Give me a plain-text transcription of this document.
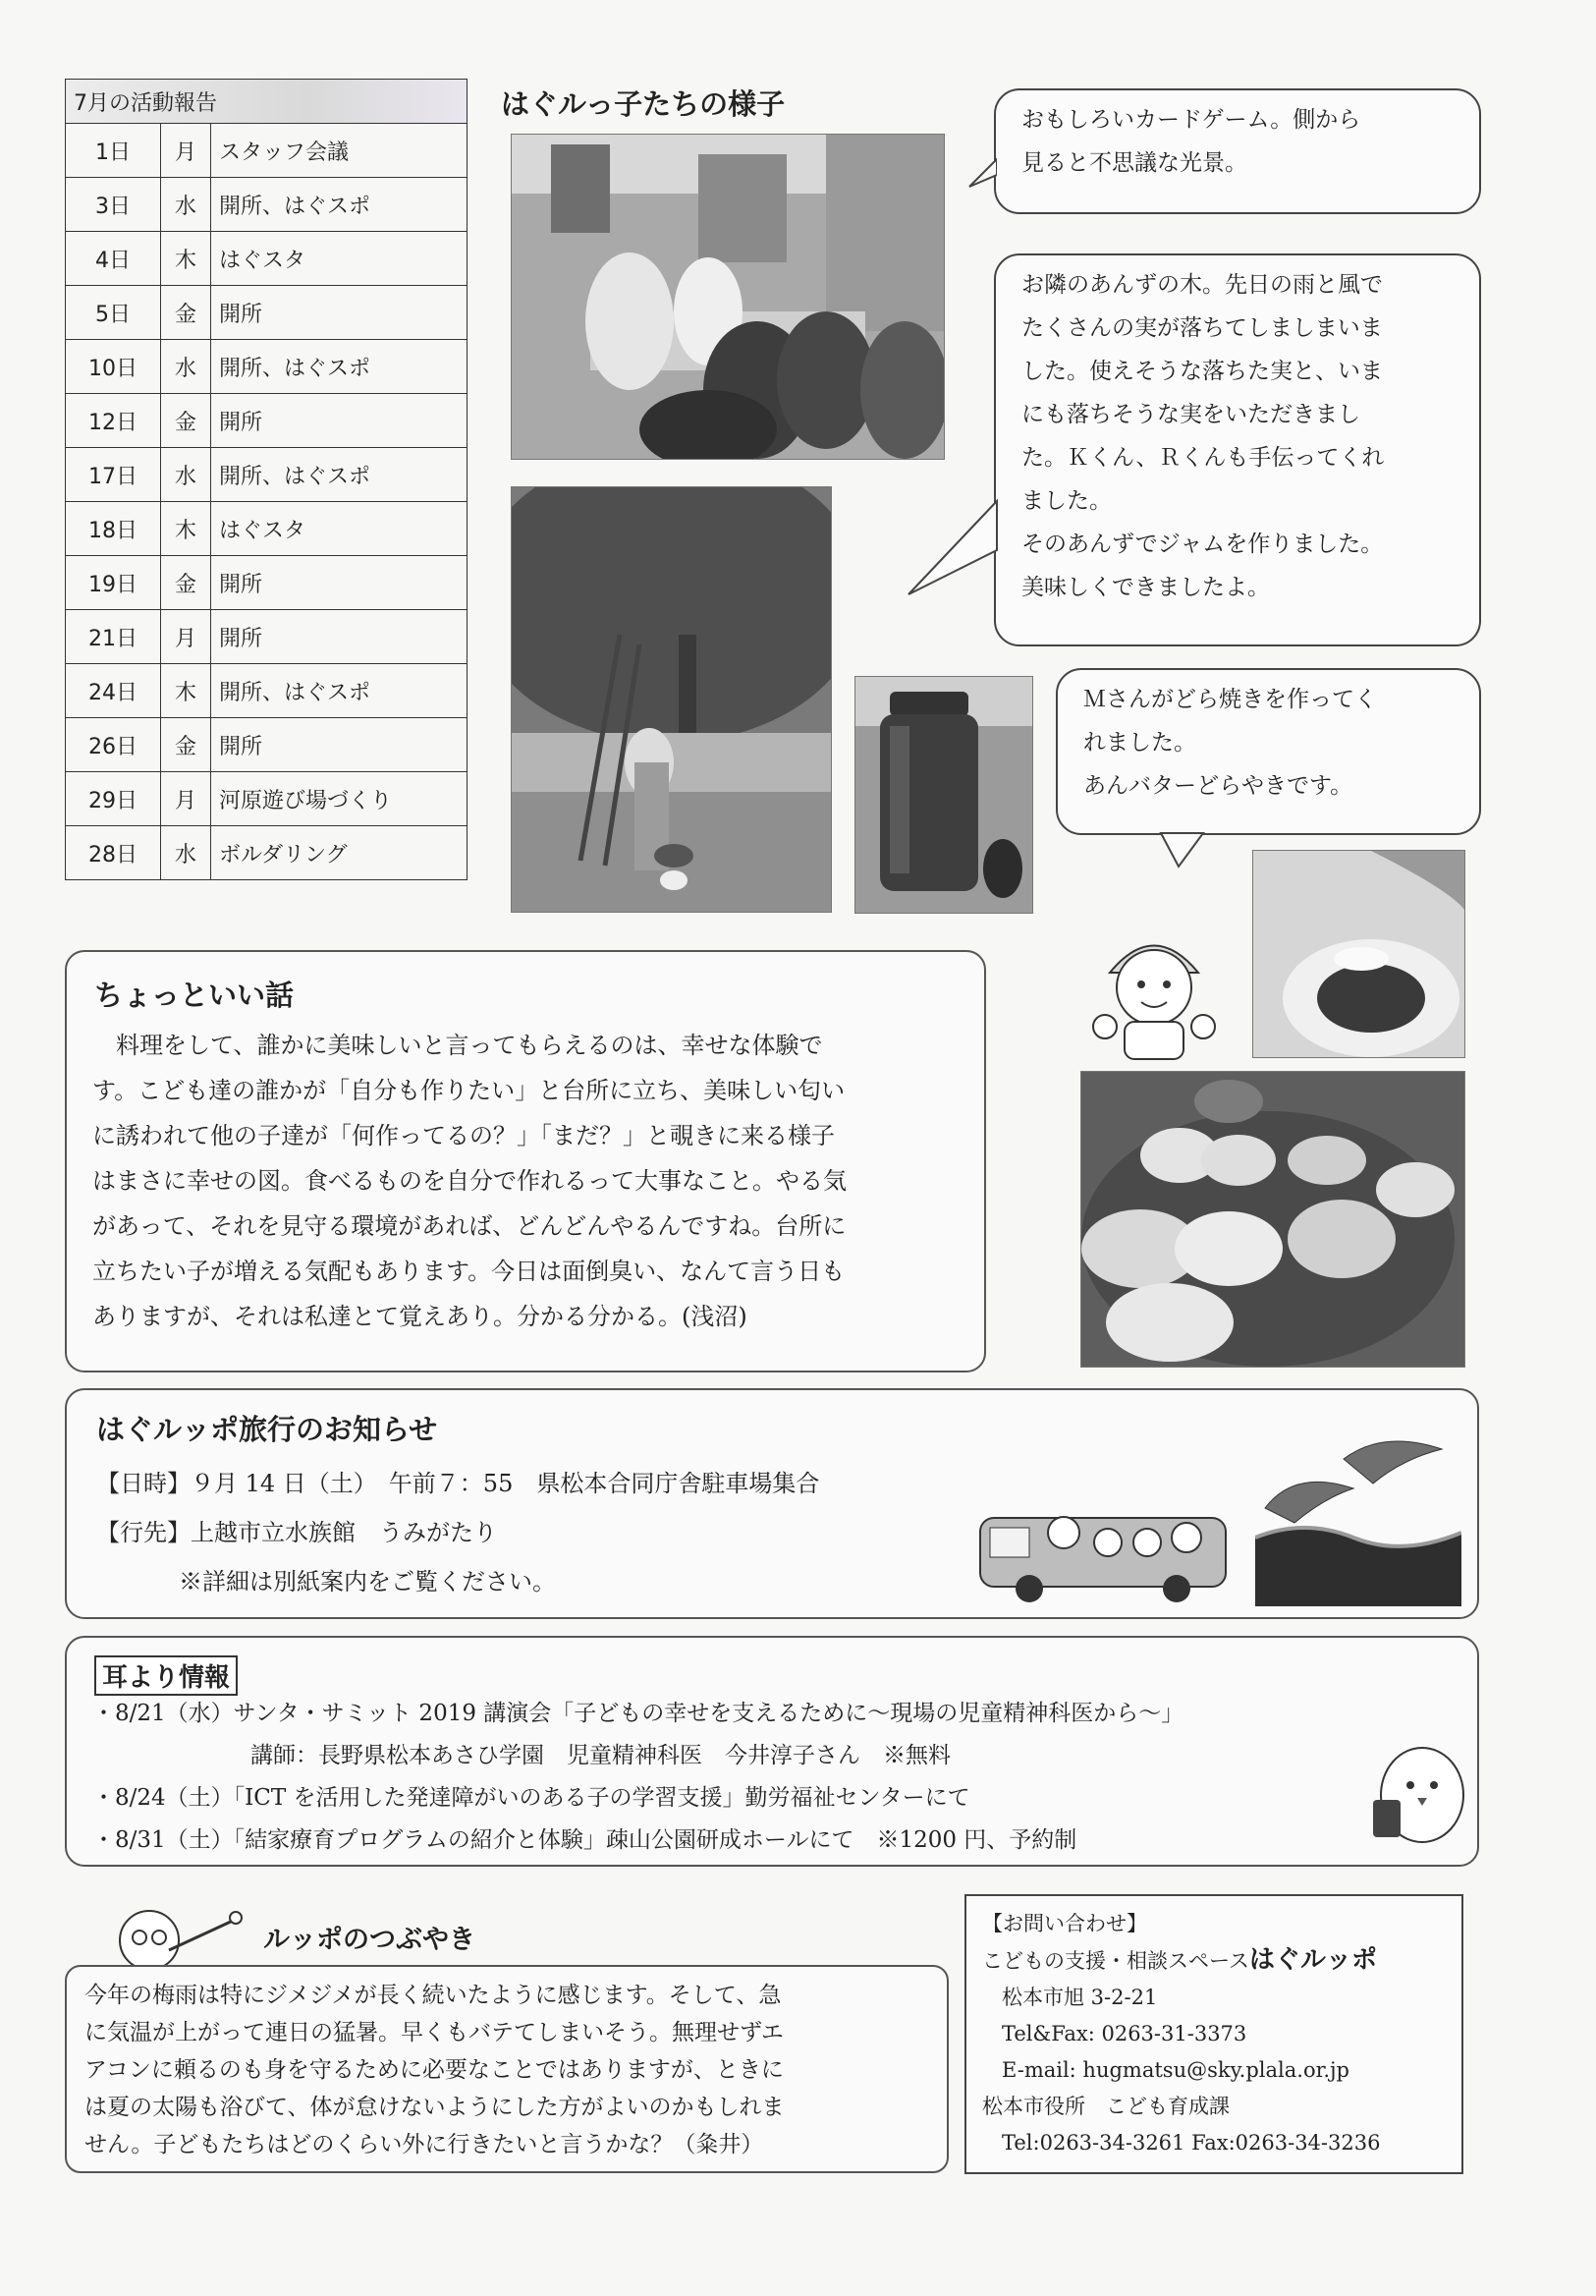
7月の活動報告		
1日	月	スタッフ会議
3日	水	開所、はぐスポ
4日	木	はぐスタ
5日	金	開所
10日	水	開所、はぐスポ
12日	金	開所
17日	水	開所、はぐスポ
18日	木	はぐスタ
19日	金	開所
21日	月	開所
24日	木	開所、はぐスポ
26日	金	開所
29日	月	河原遊び場づくり
28日	水	ボルダリング
はぐルっ子たちの様子	おもしろいカードゲーム。側から
見ると不思議な光景。
お隣のあんずの木。先日の雨と風で
たくさんの実が落ちてしましまいま
した。使えそうな落ちた実と、いま
にも落ちそうな実をいただきまし
た。Ｋくん、Ｒくんも手伝ってくれ
ました。
そのあんずでジャムを作りました。
美味しくできましたよ。
Ｍさんがどら焼きを作ってく
れました。
あんバターどらやきです。
ちょっといい話
　料理をして、誰かに美味しいと言ってもらえるのは、幸せな体験で
す。こども達の誰かが「自分も作りたい」と台所に立ち、美味しい匂い
に誘われて他の子達が「何作ってるの？」「まだ？」と覗きに来る様子
はまさに幸せの図。食べるものを自分で作れるって大事なこと。やる気
があって、それを見守る環境があれば、どんどんやるんですね。台所に
立ちたい子が増える気配もあります。今日は面倒臭い、なんて言う日も
ありますが、それは私達とて覚えあり。分かる分かる。(浅沼)
はぐルッポ旅行のお知らせ
【日時】９月 14 日（土）　午前７：55　県松本合同庁舎駐車場集合
【行先】上越市立水族館　うみがたり
※詳細は別紙案内をご覧ください。
耳より情報
・8/21（水）サンタ・サミット 2019 講演会「子どもの幸せを支えるために～現場の児童精神科医から～」
　　　　　　　講師：長野県松本あさひ学園　児童精神科医　今井淳子さん　※無料
・8/24（土）「ICT を活用した発達障がいのある子の学習支援」勤労福祉センターにて
・8/31（土）「結家療育プログラムの紹介と体験」疎山公園研成ホールにて　※1200 円、予約制
ルッポのつぶやき
今年の梅雨は特にジメジメが長く続いたように感じます。そして、急
に気温が上がって連日の猛暑。早くもバテてしまいそう。無理せずエ
アコンに頼るのも身を守るために必要なことではありますが、ときに
は夏の太陽も浴びて、体が怠けないようにした方がよいのかもしれま
せん。子どもたちはどのくらい外に行きたいと言うかな？（粂井）
【お問い合わせ】
こどもの支援・相談スペースはぐルッポ
松本市旭 3-2-21
Tel&Fax: 0263-31-3373
E-mail: hugmatsu@sky.plala.or.jp
松本市役所　こども育成課
Tel:0263-34-3261 Fax:0263-34-3236
